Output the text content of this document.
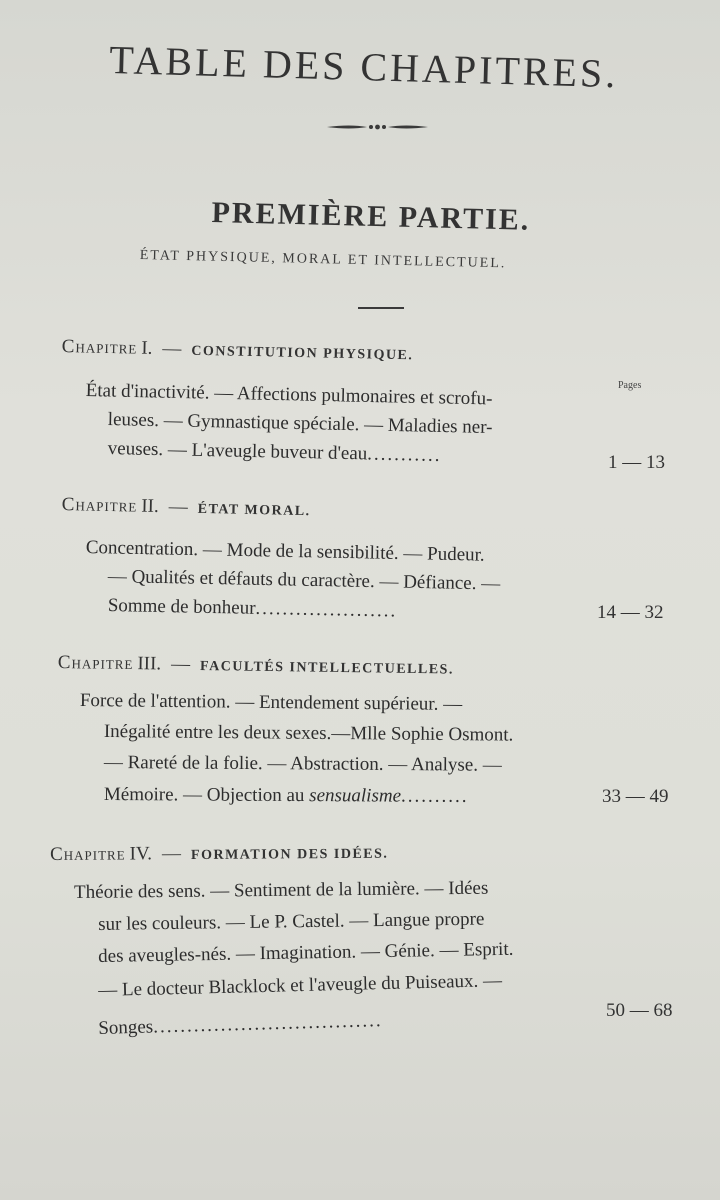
TABLE DES CHAPITRES.
PREMIÈRE PARTIE.
ÉTAT PHYSIQUE, MORAL ET INTELLECTUEL.
Pages
Chapitre I. — CONSTITUTION PHYSIQUE.
État d'inactivité. — Affections pulmonaires et scrofu-
leuses. — Gymnastique spéciale. — Maladies ner-
veuses. — L'aveugle buveur d'eau...........	1 — 13
Chapitre II. — ÉTAT MORAL.
Concentration. — Mode de la sensibilité. — Pudeur.
— Qualités et défauts du caractère. — Défiance. —
Somme de bonheur.....................	14 — 32
Chapitre III. — FACULTÉS INTELLECTUELLES.
Force de l'attention. — Entendement supérieur. —
Inégalité entre les deux sexes.—Mlle Sophie Osmont.
— Rareté de la folie. — Abstraction. — Analyse. —
Mémoire. — Objection au sensualisme..........	33 — 49
Chapitre IV. — FORMATION DES IDÉES.
Théorie des sens. — Sentiment de la lumière. — Idées
sur les couleurs. — Le P. Castel. — Langue propre
des aveugles-nés. — Imagination. — Génie. — Esprit.
— Le docteur Blacklock et l'aveugle du Puiseaux. —
Songes..................................	50 — 68
